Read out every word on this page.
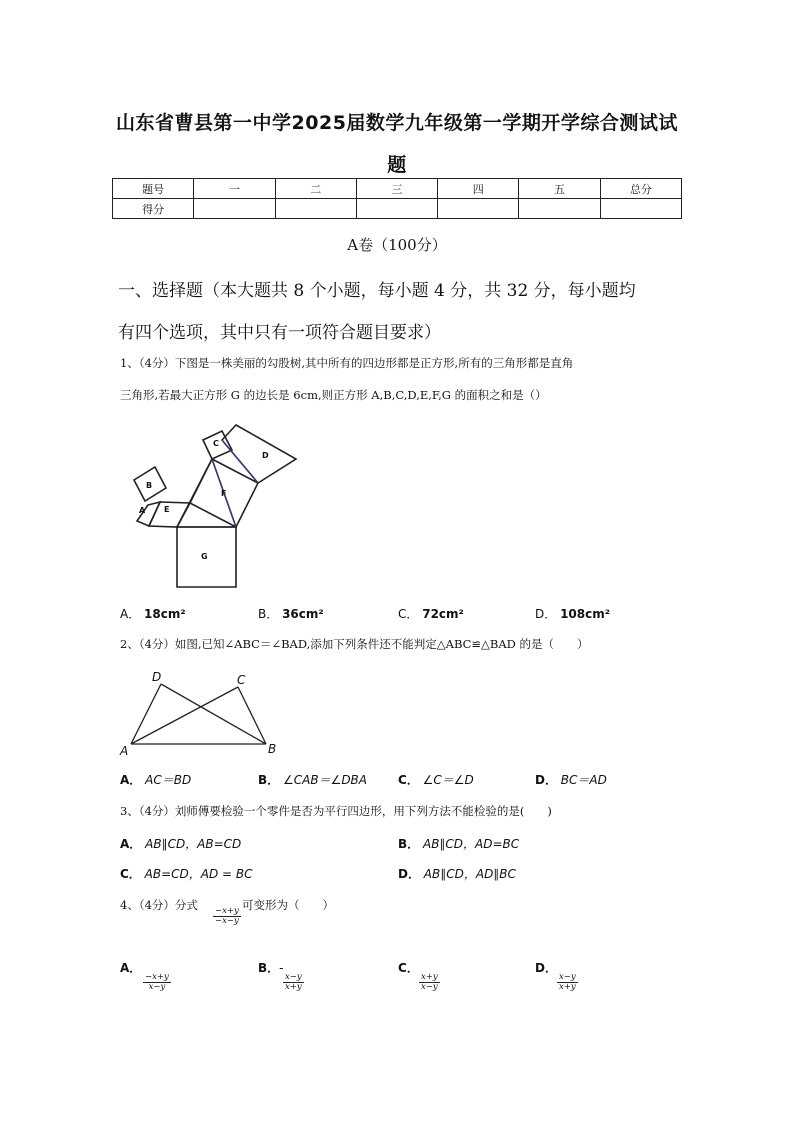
山东省曹县第一中学2025届数学九年级第一学期开学综合测试试
题
题号	一	二	三	四	五	总分
得分						
A卷（100分）
一、选择题（本大题共 8 个小题，每小题 4 分，共 32 分，每小题均
有四个选项，其中只有一项符合题目要求）
1、（4分）下图是一株美丽的勾股树,其中所有的四边形都是正方形,所有的三角形都是直角
三角形,若最大正方形 G 的边长是 6cm,则正方形 A,B,C,D,E,F,G 的面积之和是（）
A
B
C
D
E
F
G
A． 18cm²	B． 36cm²	C． 72cm²	D． 108cm²
2、（4分）如图,已知∠ABC＝∠BAD,添加下列条件还不能判定△ABC≌△BAD 的是（　　）
D	C
A	B
A． AC＝BD	B． ∠CAB＝∠DBA	C． ∠C＝∠D	D． BC＝AD
3、（4分）刘师傅要检验一个零件是否为平行四边形，用下列方法不能检验的是(　　)
A． AB∥CD，AB=CD	B． AB∥CD，AD=BC
C． AB=CD，AD = BC	D． AB∥CD，AD∥BC
4、（4分）分式
$\frac{-x+y}{-x-y}$
可变形为（　　）
A．
$\frac{-x+y}{x-y}$
B．-
$\frac{x-y}{x+y}$
C．
$\frac{x+y}{x-y}$
D．
$\frac{x-y}{x+y}$
